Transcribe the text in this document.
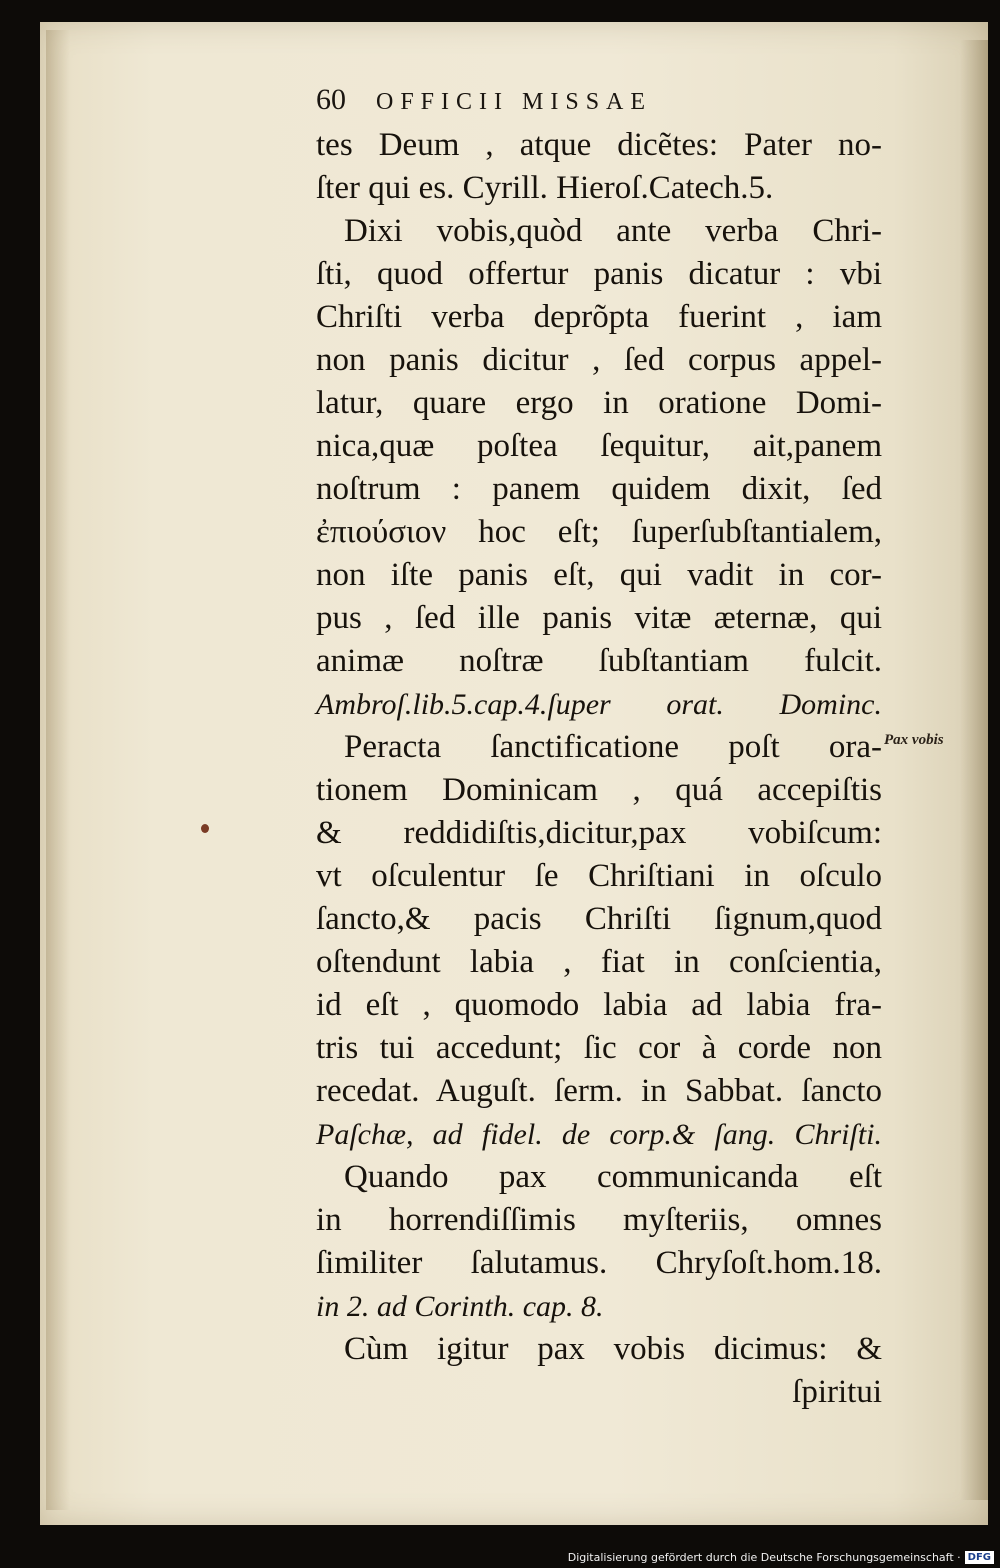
60 OFFICII MISSAE
tes Deum , atque dicẽtes: Pater no-
ſter qui es. Cyrill. Hieroſ.Catech.5.
Dixi vobis,quòd ante verba Chri-
ſti, quod offertur panis dicatur : vbi
Chriſti verba deprõpta fuerint , iam
non panis dicitur , ſed corpus appel-
latur, quare ergo in oratione Domi-
nica,quæ poſtea ſequitur, ait,panem
noſtrum : panem quidem dixit, ſed
ἐπιούσιον hoc eſt; ſuperſubſtantialem,
non iſte panis eſt, qui vadit in cor-
pus , ſed ille panis vitæ æternæ, qui
animæ noſtræ ſubſtantiam fulcit.
Ambroſ.lib.5.cap.4.ſuper orat. Dominc.
Peracta ſanctificatione poſt ora-
tionem Dominicam , quá accepiſtis
& reddidiſtis,dicitur,pax vobiſcum:
vt oſculentur ſe Chriſtiani in oſculo
ſancto,& pacis Chriſti ſignum,quod
oſtendunt labia , fiat in conſcientia,
id eſt , quomodo labia ad labia fra-
tris tui accedunt; ſic cor à corde non
recedat. Auguſt. ſerm. in Sabbat. ſancto
Paſchæ, ad fidel. de corp.& ſang. Chriſti.
Quando pax communicanda eſt
in horrendiſſimis myſteriis, omnes
ſimiliter ſalutamus. Chryſoſt.hom.18.
in 2. ad Corinth. cap. 8.
Cùm igitur pax vobis dicimus: &
ſpiritui
Pax vobis
Digitalisierung gefördert durch die Deutsche Forschungsgemeinschaft · DFG
